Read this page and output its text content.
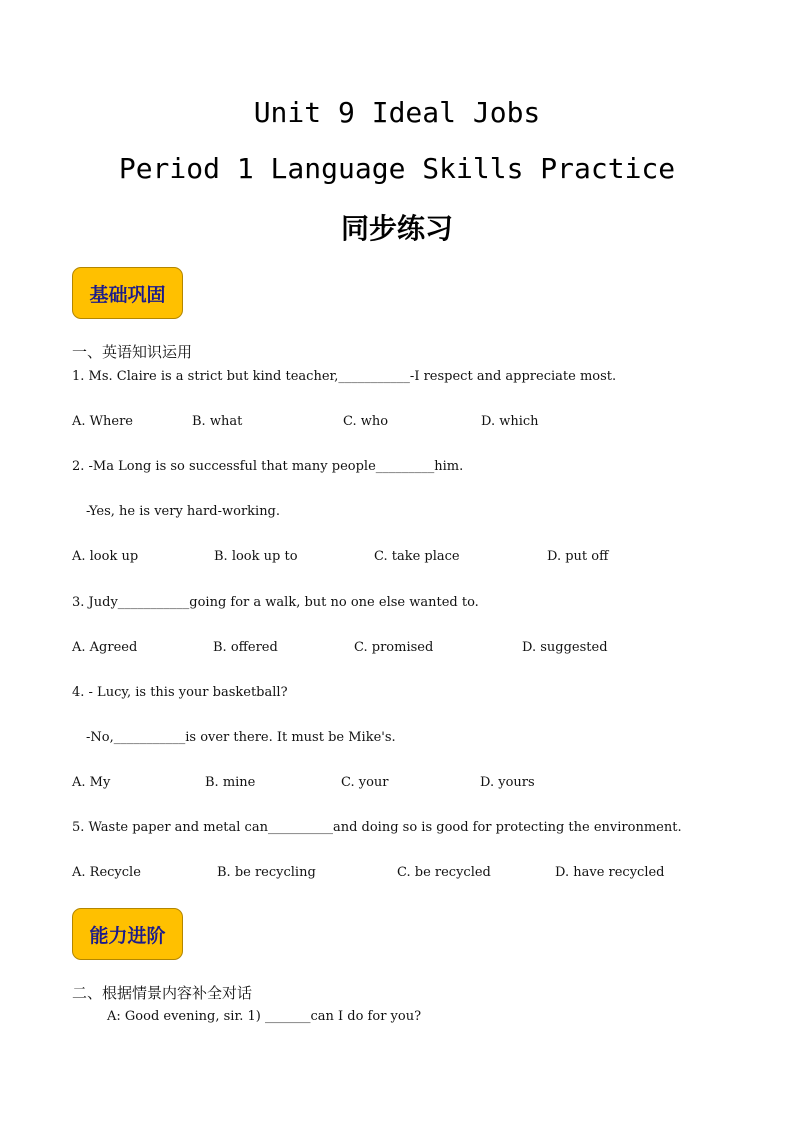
Unit 9 Ideal Jobs
Period 1 Language Skills Practice
同步练习
基础巩固
一、英语知识运用
1. Ms. Claire is a strict but kind teacher,___________-I respect and appreciate most.
A. Where	B. what	C. who	D. which
2. -Ma Long is so successful that many people_________him.
-Yes, he is very hard-working.
A. look up	B. look up to	C. take place	D. put off
3. Judy___________going for a walk, but no one else wanted to.
A. Agreed	B. offered	C. promised	D. suggested
4. - Lucy, is this your basketball?
-No,___________is over there. It must be Mike's.
A. My	B. mine	C. your	D. yours
5. Waste paper and metal can__________and doing so is good for protecting the environment.
A. Recycle	B. be recycling	C. be recycled	D. have recycled
能力进阶
二、根据情景内容补全对话
A: Good evening, sir. 1) _______can I do for you?
